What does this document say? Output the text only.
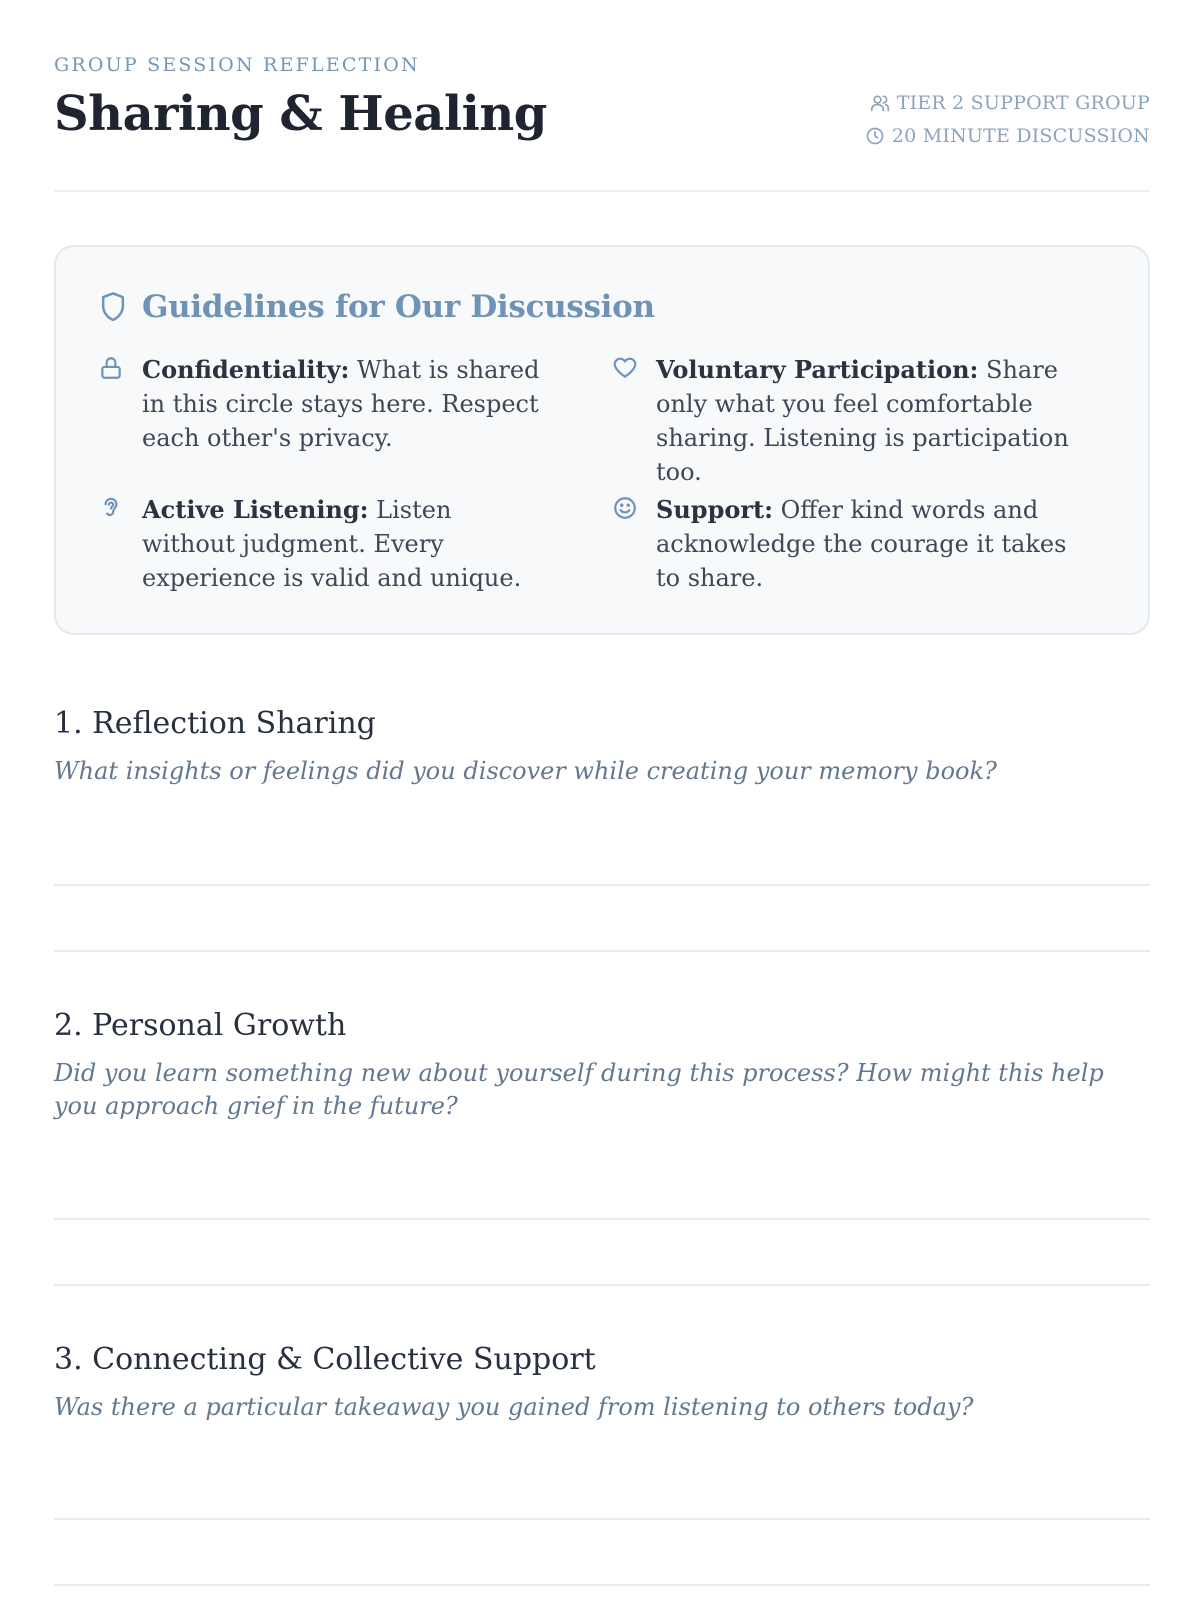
GROUP SESSION REFLECTION
Sharing & Healing	TIER 2 SUPPORT GROUP
20 MINUTE DISCUSSION
Guidelines for Our Discussion

Confidentiality: What is shared in this circle stays here. Respect each other's privacy.

Voluntary Participation: Share only what you feel comfortable sharing. Listening is participation too.

Active Listening: Listen without judgment. Every experience is valid and unique.

Support: Offer kind words and acknowledge the courage it takes to share.

1. Reflection Sharing

What insights or feelings did you discover while creating your memory book?

2. Personal Growth

Did you learn something new about yourself during this process? How might this help you approach grief in the future?

3. Connecting & Collective Support

Was there a particular takeaway you gained from listening to others today?
